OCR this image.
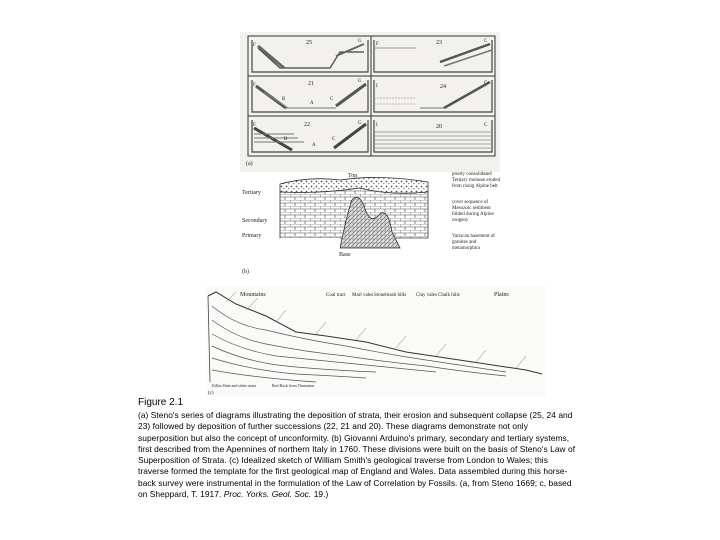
25
F
G	23
F
C
21
F
B
A
C
G
24
I
C
22
F
B
A
C
G
20
I	C
(a)
Tertiary
Secondary
Primary
Top
Base
(b)
poorly consolidated Tertiary molasse eroded from rising Alpine belt
cover sequence of Mesozoic sediment folded during Alpine orogeny
Variscan basement of granites and metamorphics
Mountains	Coal tract Marl vales Stonebrash hills Clay vales Chalk hills	Plains
Killas Slate and other strata	Red Rock from Thurnaton
(c)
Figure 2.1
(a) Steno's series of diagrams illustrating the deposition of strata, their erosion and subsequent collapse (25, 24 and 23) followed by deposition of further successions (22, 21 and 20). These diagrams demonstrate not only superposition but also the concept of unconformity. (b) Giovanni Arduino's primary, secondary and tertiary systems, first described from the Apennines of northern Italy in 1760. These divisions were built on the basis of Steno's Law of Superposition of Strata. (c) Idealized sketch of William Smith's geological traverse from London to Wales; this traverse formed the template for the first geological map of England and Wales. Data assembled during this horse-back survey were instrumental in the formulation of the Law of Correlation by Fossils. (a, from Steno 1669; c, based on Sheppard, T. 1917. Proc. Yorks. Geol. Soc. 19.)
